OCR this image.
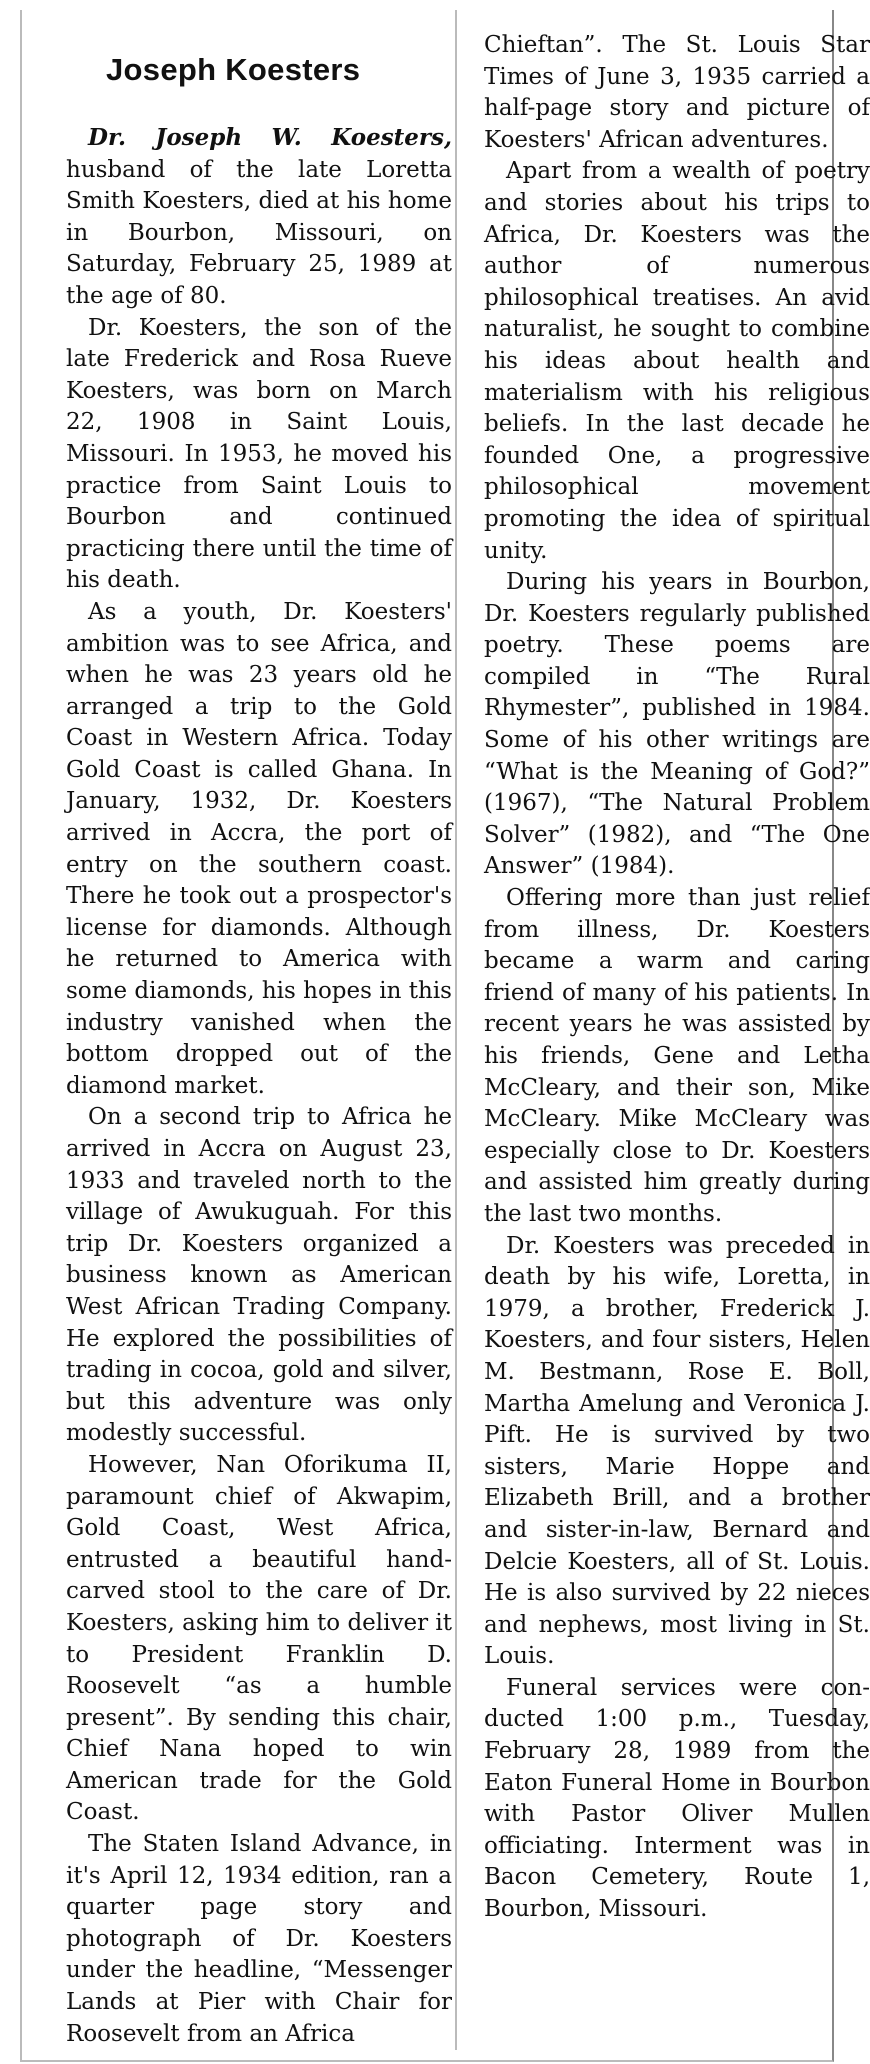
Joseph Koesters

Dr. Joseph W. Koesters, husband of the late Loretta Smith Koesters, died at his home in Bourbon, Missouri, on Saturday, February 25, 1989 at the age of 80.

Dr. Koesters, the son of the late Frederick and Rosa Rueve Koesters, was born on March 22, 1908 in Saint Louis, Missouri. In 1953, he moved his practice from Saint Louis to Bourbon and continued practicing there until the time of his death.

As a youth, Dr. Koesters' ambition was to see Africa, and when he was 23 years old he arranged a trip to the Gold Coast in Western Africa. Today Gold Coast is called Ghana. In January, 1932, Dr. Koesters arrived in Accra, the port of entry on the southern coast. There he took out a prospector's license for diamonds. Although he returned to America with some diamonds, his hopes in this industry vanished when the bottom dropped out of the diamond market.

On a second trip to Africa he arrived in Accra on August 23, 1933 and traveled north to the village of Awukuguah. For this trip Dr. Koesters organized a business known as American West African Trading Company. He explored the possibilities of trading in cocoa, gold and silver, but this adventure was only modestly successful.

However, Nan Oforikuma II, paramount chief of Akwapim, Gold Coast, West Africa, entrusted a beautiful hand-carved stool to the care of Dr. Koesters, asking him to deliver it to President Franklin D. Roosevelt “as a humble present”. By sending this chair, Chief Nana hoped to win American trade for the Gold Coast.

The Staten Island Advance, in it's April 12, 1934 edition, ran a quarter page story and photograph of Dr. Koesters under the headline, “Messenger Lands at Pier with Chair for Roosevelt from an Africa

Chieftan”. The St. Louis Star Times of June 3, 1935 carried a half-page story and picture of Koesters' African adventures.

Apart from a wealth of poetry and stories about his trips to Africa, Dr. Koesters was the author of numerous philosophical treatises. An avid naturalist, he sought to combine his ideas about health and materialism with his religious beliefs. In the last decade he founded One, a progressive philosophical movement promoting the idea of spiritual unity.

During his years in Bourbon, Dr. Koesters regularly published poetry. These poems are compiled in “The Rural Rhymester”, published in 1984. Some of his other writings are “What is the Meaning of God?” (1967), “The Natural Problem Solver” (1982), and “The One Answer” (1984).

Offering more than just relief from illness, Dr. Koesters became a warm and caring friend of many of his patients. In recent years he was assisted by his friends, Gene and Letha McCleary, and their son, Mike McCleary. Mike McCleary was especially close to Dr. Koesters and assisted him greatly during the last two months.

Dr. Koesters was preceded in death by his wife, Loretta, in 1979, a brother, Frederick J. Koesters, and four sisters, Helen M. Bestmann, Rose E. Boll, Martha Amelung and Veronica J. Pift. He is survived by two sisters, Marie Hoppe and Elizabeth Brill, and a brother and sister-in-law, Bernard and Delcie Koesters, all of St. Louis. He is also survived by 22 nieces and nephews, most living in St. Louis.

Funeral services were conducted 1:00 p.m., Tuesday, February 28, 1989 from the Eaton Funeral Home in Bourbon with Pastor Oliver Mullen officiating. Interment was in Bacon Cemetery, Route 1, Bourbon, Missouri.
